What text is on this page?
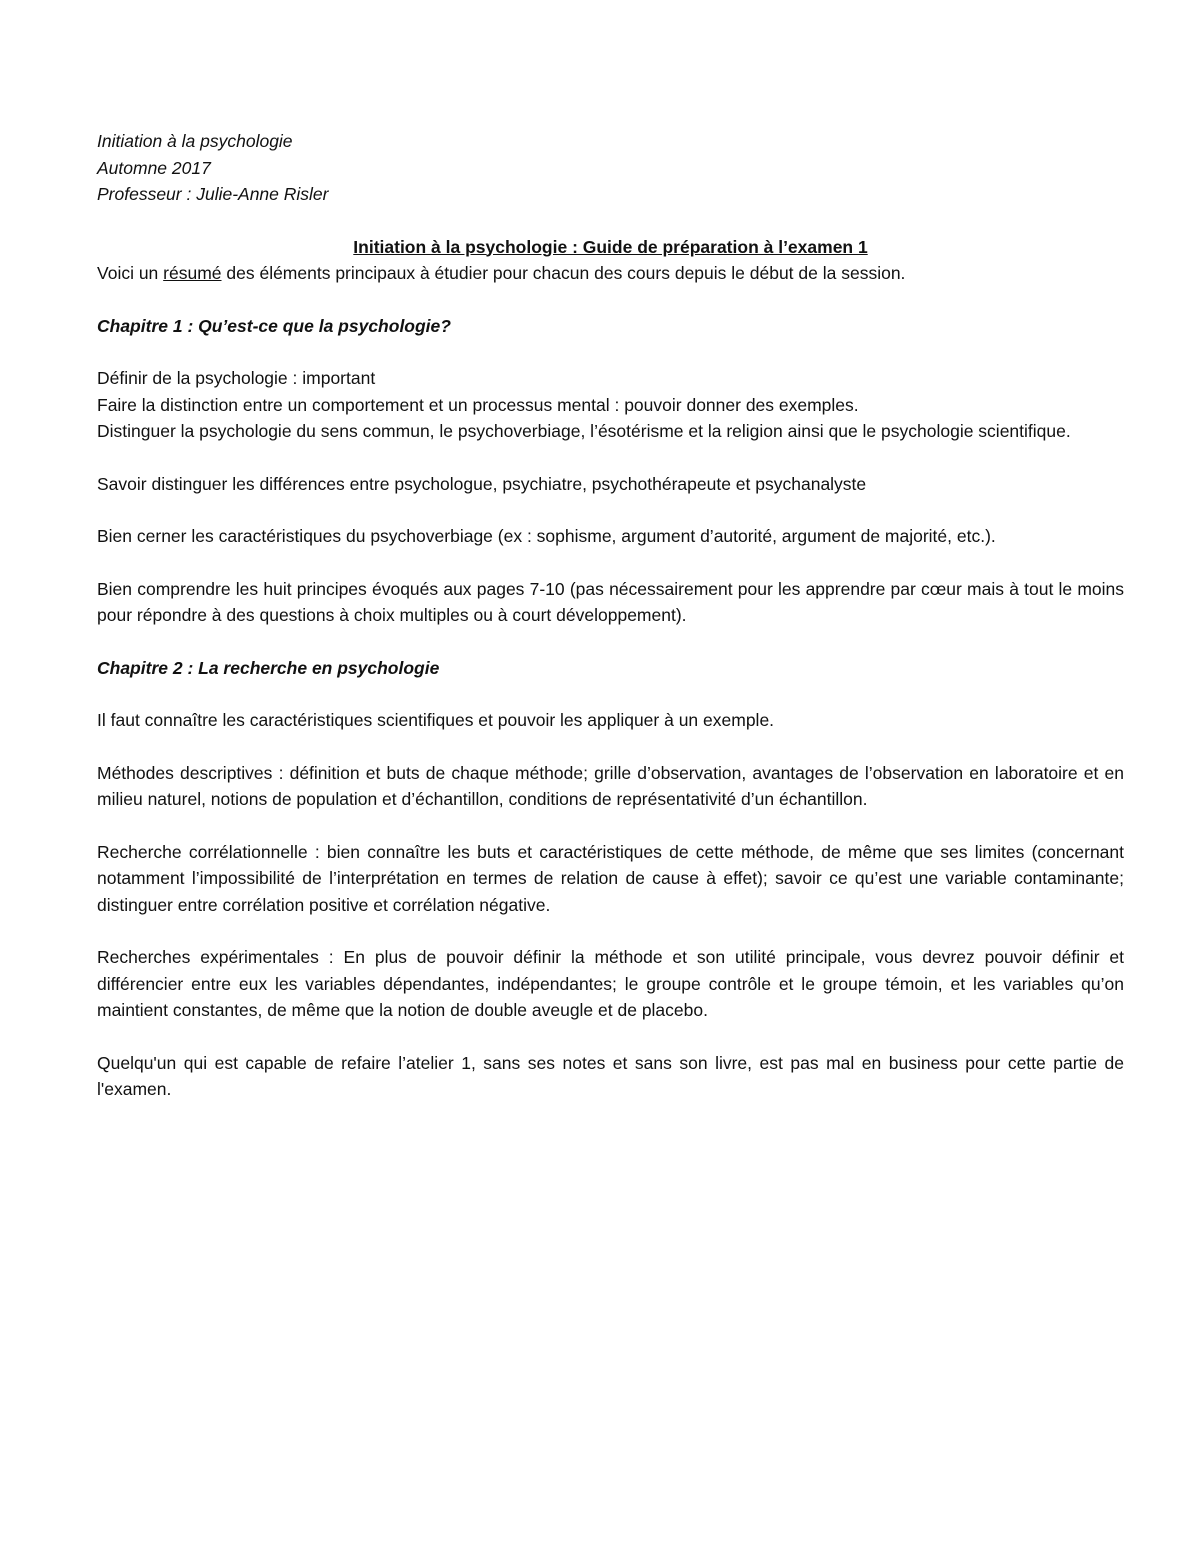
Initiation à la psychologie

Automne 2017

Professeur : Julie-Anne Risler

Initiation à la psychologie : Guide de préparation à l’examen 1

Voici un résumé des éléments principaux à étudier pour chacun des cours depuis le début de la session.

Chapitre 1 : Qu’est-ce que la psychologie?

Définir de la psychologie : important

Faire la distinction entre un comportement et un processus mental : pouvoir donner des exemples.

Distinguer la psychologie du sens commun, le psychoverbiage, l’ésotérisme et la religion ainsi que le psychologie scientifique.

Savoir distinguer les différences entre psychologue, psychiatre, psychothérapeute et psychanalyste

Bien cerner les caractéristiques du psychoverbiage (ex : sophisme, argument d’autorité, argument de majorité, etc.).

Bien comprendre les huit principes évoqués aux pages 7-10 (pas nécessairement pour les apprendre par cœur mais à tout le moins pour répondre à des questions à choix multiples ou à court développement).

Chapitre 2 : La recherche en psychologie

Il faut connaître les caractéristiques scientifiques et pouvoir les appliquer à un exemple.

Méthodes descriptives : définition et buts de chaque méthode; grille d’observation, avantages de l’observation en laboratoire et en milieu naturel, notions de population et d’échantillon, conditions de représentativité d’un échantillon.

Recherche corrélationnelle : bien connaître les buts et caractéristiques de cette méthode, de même que ses limites (concernant notamment l’impossibilité de l’interprétation en termes de relation de cause à effet); savoir ce qu’est une variable contaminante; distinguer entre corrélation positive et corrélation négative.

Recherches expérimentales : En plus de pouvoir définir la méthode et son utilité principale, vous devrez pouvoir définir et différencier entre eux les variables dépendantes, indépendantes; le groupe contrôle et le groupe témoin, et les variables qu’on maintient constantes, de même que la notion de double aveugle et de placebo.

Quelqu'un qui est capable de refaire l’atelier 1, sans ses notes et sans son livre, est pas mal en business pour cette partie de l'examen.
